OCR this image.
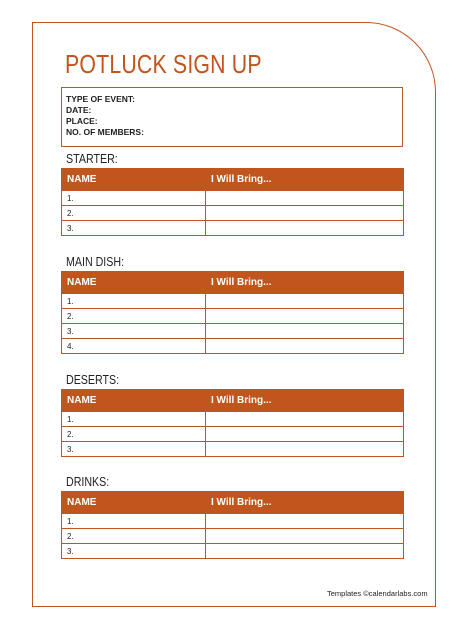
POTLUCK SIGN UP
TYPE OF EVENT:
DATE:
PLACE:
NO. OF MEMBERS:
STARTER:
NAME	I Will Bring...
1.	
2.	
3.	
MAIN DISH:
NAME	I Will Bring...
1.	
2.	
3.	
4.	
DESERTS:
NAME	I Will Bring...
1.	
2.	
3.	
DRINKS:
NAME	I Will Bring...
1.	
2.	
3.	
Templates ©calendarlabs.com
